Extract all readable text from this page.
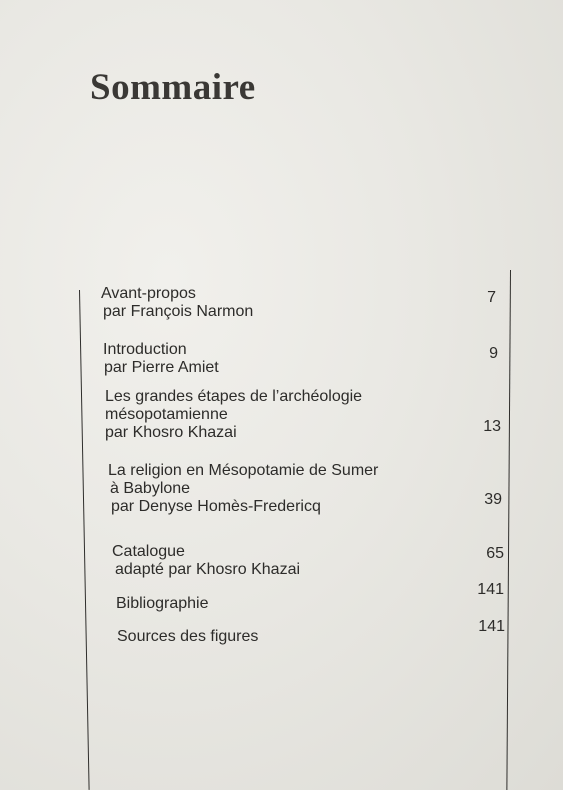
Sommaire
Avant-propos
par François Narmon
7
Introduction
par Pierre Amiet
9
Les grandes étapes de l’archéologie
mésopotamienne
par Khosro Khazai	13
La religion en Mésopotamie de Sumer
à Babylone
par Denyse Homès-Fredericq	39
Catalogue
adapté par Khosro Khazai
65
Bibliographie
141
Sources des figures
141
